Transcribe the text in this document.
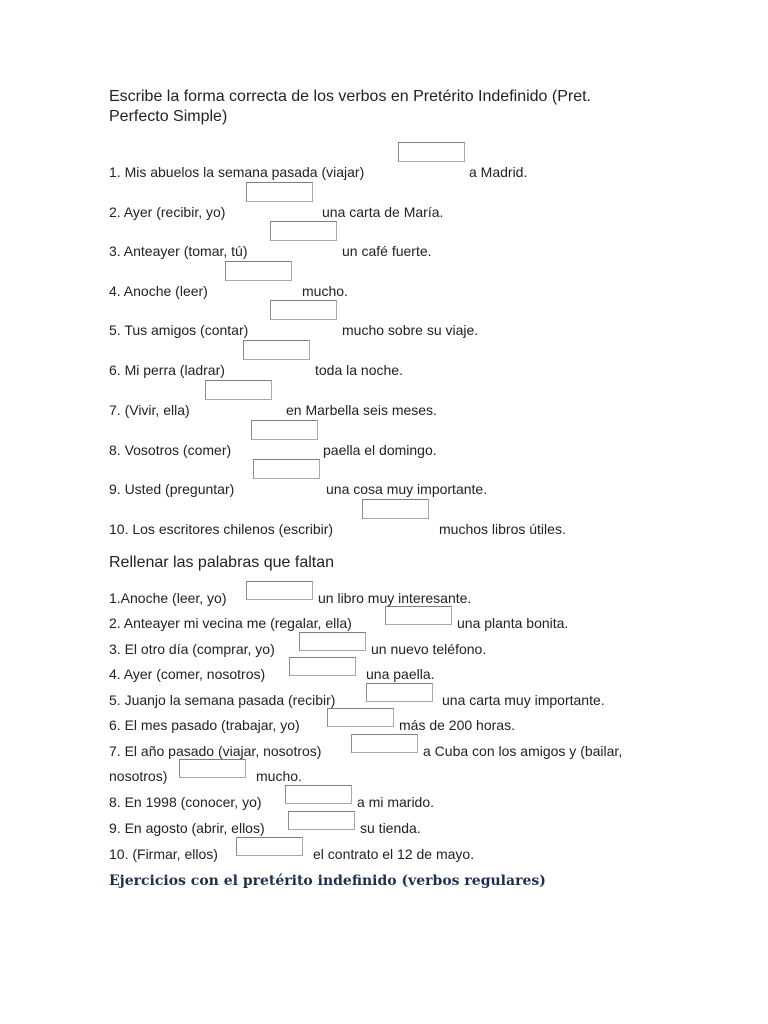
Escribe la forma correcta de los verbos en Pretérito Indefinido (Pret.
Perfecto Simple)
1. Mis abuelos la semana pasada (viajar)	a Madrid.
2. Ayer (recibir, yo)	una carta de María.
3. Anteayer (tomar, tú)	un café fuerte.
4. Anoche (leer)	mucho.
5. Tus amigos (contar)	mucho sobre su viaje.
6. Mi perra (ladrar)	toda la noche.
7. (Vivir, ella)	en Marbella seis meses.
8. Vosotros (comer)	paella el domingo.
9. Usted (preguntar)	una cosa muy importante.
10. Los escritores chilenos (escribir)	muchos libros útiles.
Rellenar las palabras que faltan
1.Anoche (leer, yo)	un libro muy interesante.
2. Anteayer mi vecina me (regalar, ella)	una planta bonita.
3. El otro día (comprar, yo)	un nuevo teléfono.
4. Ayer (comer, nosotros)	una paella.
5. Juanjo la semana pasada (recibir)	una carta muy importante.
6. El mes pasado (trabajar, yo)	más de 200 horas.
7. El año pasado (viajar, nosotros)	a Cuba con los amigos y (bailar,
nosotros)	mucho.
8. En 1998 (conocer, yo)	a mi marido.
9. En agosto (abrir, ellos)	su tienda.
10. (Firmar, ellos)	el contrato el 12 de mayo.
Ejercicios con el pretérito indefinido (verbos regulares)
